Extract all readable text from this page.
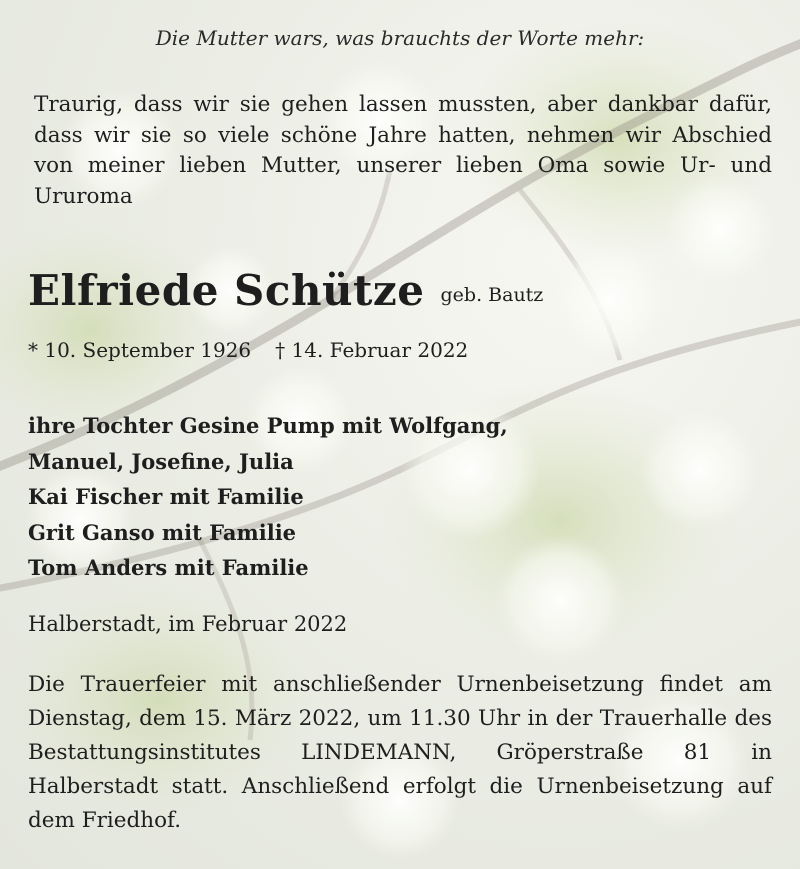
Die Mutter wars, was brauchts der Worte mehr:

Traurig, dass wir sie gehen lassen mussten, aber dankbar dafür, dass wir sie so viele schöne Jahre hatten, nehmen wir Abschied von meiner lieben Mutter, unserer lieben Oma sowie Ur- und Ururoma

Elfriede Schütze geb. Bautz
* 10. September 1926 † 14. Februar 2022
ihre Tochter Gesine Pump mit Wolfgang,
Manuel, Josefine, Julia
Kai Fischer mit Familie
Grit Ganso mit Familie
Tom Anders mit Familie
Halberstadt, im Februar 2022

Die Trauerfeier mit anschließender Urnenbeisetzung findet am Dienstag, dem 15. März 2022, um 11.30 Uhr in der Trauerhalle des Bestattungsinstitutes LINDEMANN, Gröperstraße 81 in Halberstadt statt. Anschließend erfolgt die Urnenbeisetzung auf dem Friedhof.
